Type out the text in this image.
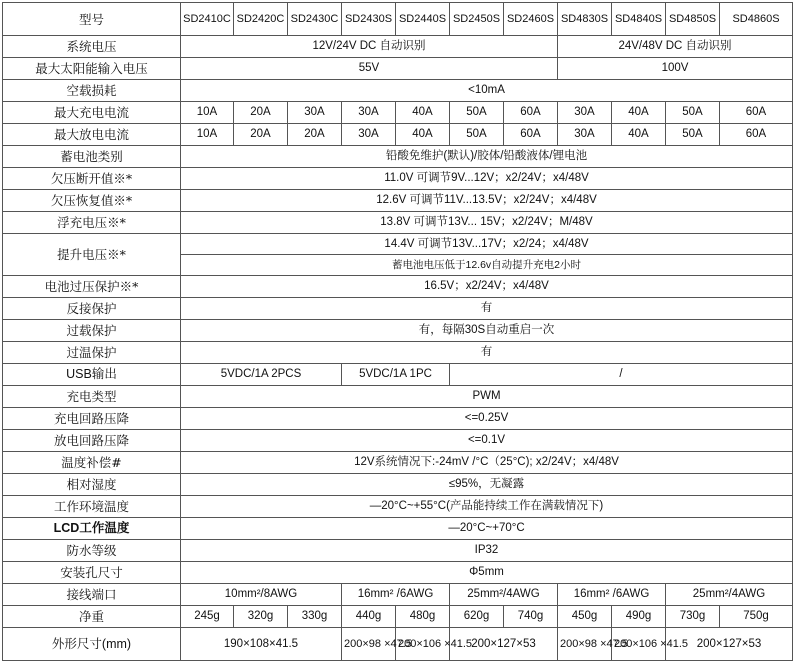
型号	SD2410C	SD2420C	SD2430C	SD2430S	SD2440S	SD2450S	SD2460S	SD4830S	SD4840S	SD4850S	SD4860S
系统电压	12V/24V DC 自动识别							24V/48V DC 自动识别			
最大太阳能输入电压	55V							100V			
空载损耗	<10mA										
最大充电电流	10A	20A	30A	30A	40A	50A	60A	30A	40A	50A	60A
最大放电电流	10A	20A	20A	30A	40A	50A	60A	30A	40A	50A	60A
蓄电池类别	铅酸免维护(默认)/胶体/铅酸液体/锂电池										
欠压断开值※*	11.0V 可调节9V...12V；x2/24V；x4/48V										
欠压恢复值※*	12.6V 可调节11V...13.5V；x2/24V；x4/48V										
浮充电压※*	13.8V 可调节13V... 15V；x2/24V；M/48V										
提升电压※*	14.4V 可调节13V...17V；x2/24；x4/48V										
	蓄电池电压低于12.6v自动提升充电2小时										
电池过压保护※*	16.5V；x2/24V；x4/48V										
反接保护	有										
过载保护	有，每隔30S自动重启一次										
过温保护	有										
USB输出	5VDC/1A 2PCS			5VDC/1A 1PC		/					
充电类型	PWM										
充电回路压降	<=0.25V										
放电回路压降	<=0.1V										
温度补偿#	12V系统情况下:-24mV /°C（25°C); x2/24V；x4/48V										
相对湿度	≤95%，无凝露										
工作环境温度	—20°C~+55°C(产品能持续工作在满载情况下)										
LCD工作温度	—20°C~+70°C										
防水等级	IP32										
安装孔尺寸	Φ5mm										
接线端口	10mm²/8AWG			16mm² /6AWG		25mm²/4AWG		16mm² /6AWG		25mm²/4AWG	
净重	245g	320g	330g	440g	480g	620g	740g	450g	490g	730g	750g
外形尺寸(mm)	190×108×41.5			200×98 ×47.5	200×106 ×41.5	200×127×53		200×98 ×47.5	200×106 ×41.5	200×127×53	
